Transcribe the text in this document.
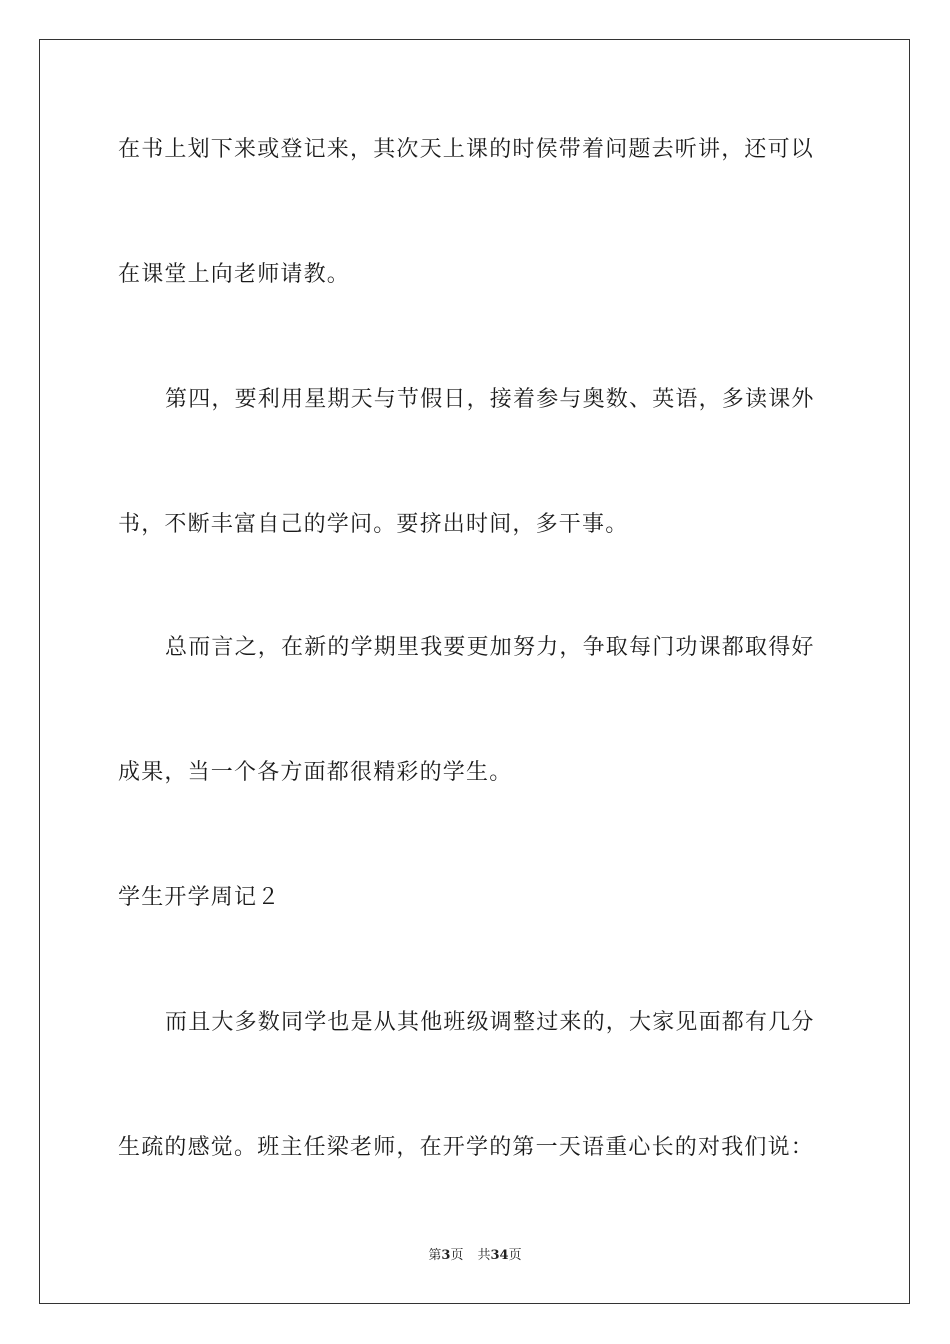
在书上划下来或登记来，其次天上课的时侯带着问题去听讲，还可以
在课堂上向老师请教。
第四，要利用星期天与节假日，接着参与奥数、英语，多读课外
书，不断丰富自己的学问。要挤出时间，多干事。
总而言之，在新的学期里我要更加努力，争取每门功课都取得好
成果，当一个各方面都很精彩的学生。
学生开学周记２
而且大多数同学也是从其他班级调整过来的，大家见面都有几分
生疏的感觉。班主任梁老师，在开学的第一天语重心长的对我们说：
第3页 共34页
